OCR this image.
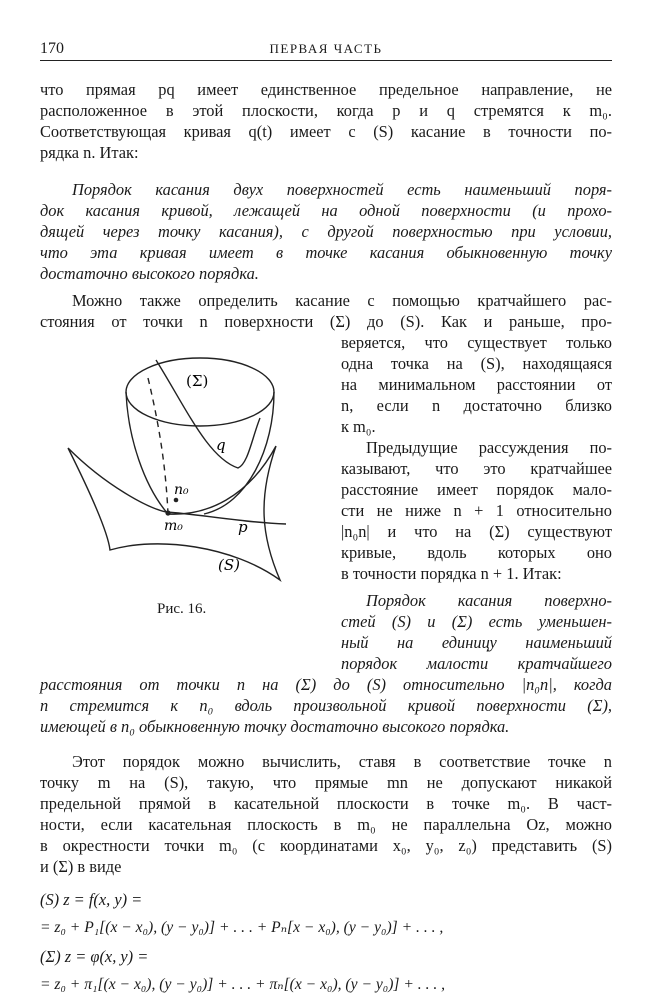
170	ПЕРВАЯ ЧАСТЬ
что прямая pq имеет единственное предельное направление, не
расположенное в этой плоскости, когда p и q стремятся к m₀.
Соответствующая кривая q(t) имеет с (S) касание в точности по-
рядка n. Итак:
Порядок касания двух поверхностей есть наименьший поря-
док касания кривой, лежащей на одной поверхности (и прохо-
дящей через точку касания), с другой поверхностью при условии,
что эта кривая имеет в точке касания обыкновенную точку
достаточно высокого порядка.
Можно также определить касание с помощью кратчайшего рас-
стояния от точки n поверхности (Σ) до (S). Как и раньше, про-
веряется, что существует только
одна точка на (S), находящаяся
на минимальном расстоянии от
n, если n достаточно близко
к m₀.
Предыдущие рассуждения по-
казывают, что это кратчайшее
расстояние имеет порядок мало-
сти не ниже n + 1 относительно
|n₀n| и что на (Σ) существуют
кривые, вдоль которых оно
в точности порядка n + 1. Итак:
Порядок касания поверхно-
стей (S) и (Σ) есть уменьшен-
ный на единицу наименьший
порядок малости кратчайшего
расстояния от точки n на (Σ) до (S) относительно |n₀n|, когда
n стремится к n₀ вдоль произвольной кривой поверхности (Σ),
имеющей в n₀ обыкновенную точку достаточно высокого порядка.
Этот порядок можно вычислить, ставя в соответствие точке n
точку m на (S), такую, что прямые mn не допускают никакой
предельной прямой в касательной плоскости в точке m₀. В част-
ности, если касательная плоскость в m₀ не параллельна Oz, можно
в окрестности точки m₀ (с координатами x₀, y₀, z₀) представить (S)
и (Σ) в виде
(S) z = f(x, y) =
= z₀ + P₁[(x − x₀), (y − y₀)] + . . . + Pₙ[x − x₀), (y − y₀)] + . . . ,
(Σ) z = φ(x, y) =
= z₀ + π₁[(x − x₀), (y − y₀)] + . . . + πₙ[(x − x₀), (y − y₀)] + . . . ,
(Σ)
q
n₀
m₀	p
(S)
Рис. 16.
